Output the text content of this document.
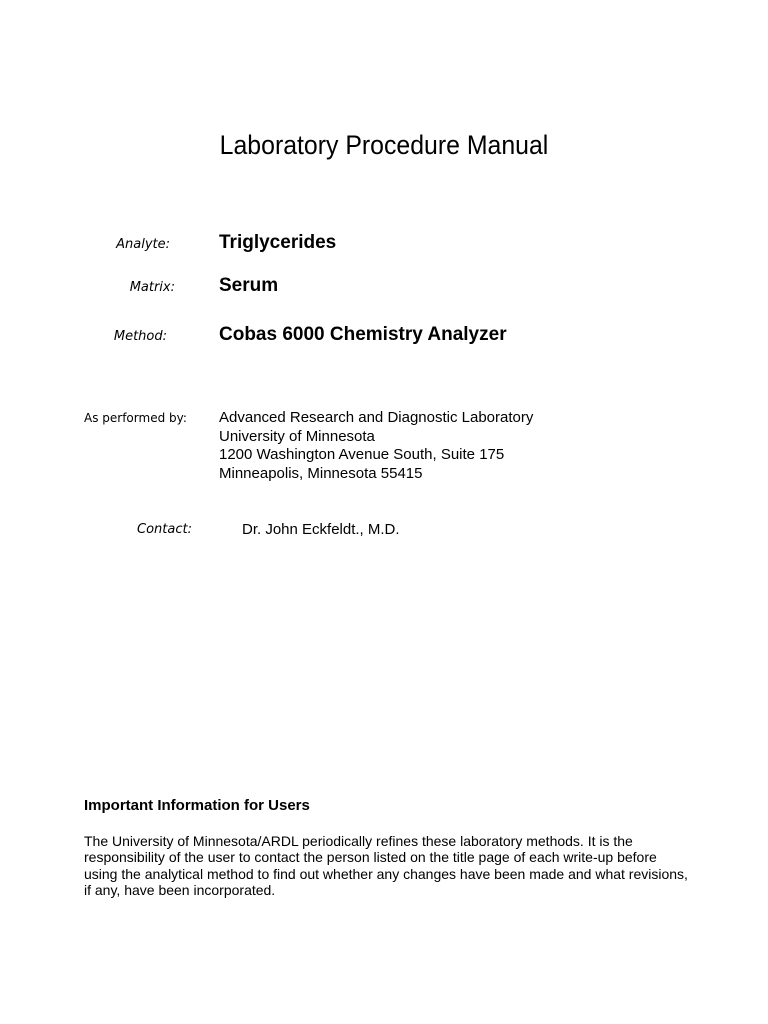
Laboratory Procedure Manual
Analyte:	Triglycerides
Matrix: Serum
Method:	Cobas 6000 Chemistry Analyzer
As performed by: Advanced Research and Diagnostic Laboratory
University of Minnesota
1200 Washington Avenue South, Suite 175
Minneapolis, Minnesota 55415
Contact:	Dr. John Eckfeldt., M.D.
Important Information for Users
The University of Minnesota/ARDL periodically refines these laboratory methods. It is the
responsibility of the user to contact the person listed on the title page of each write-up before
using the analytical method to find out whether any changes have been made and what revisions,
if any, have been incorporated.
